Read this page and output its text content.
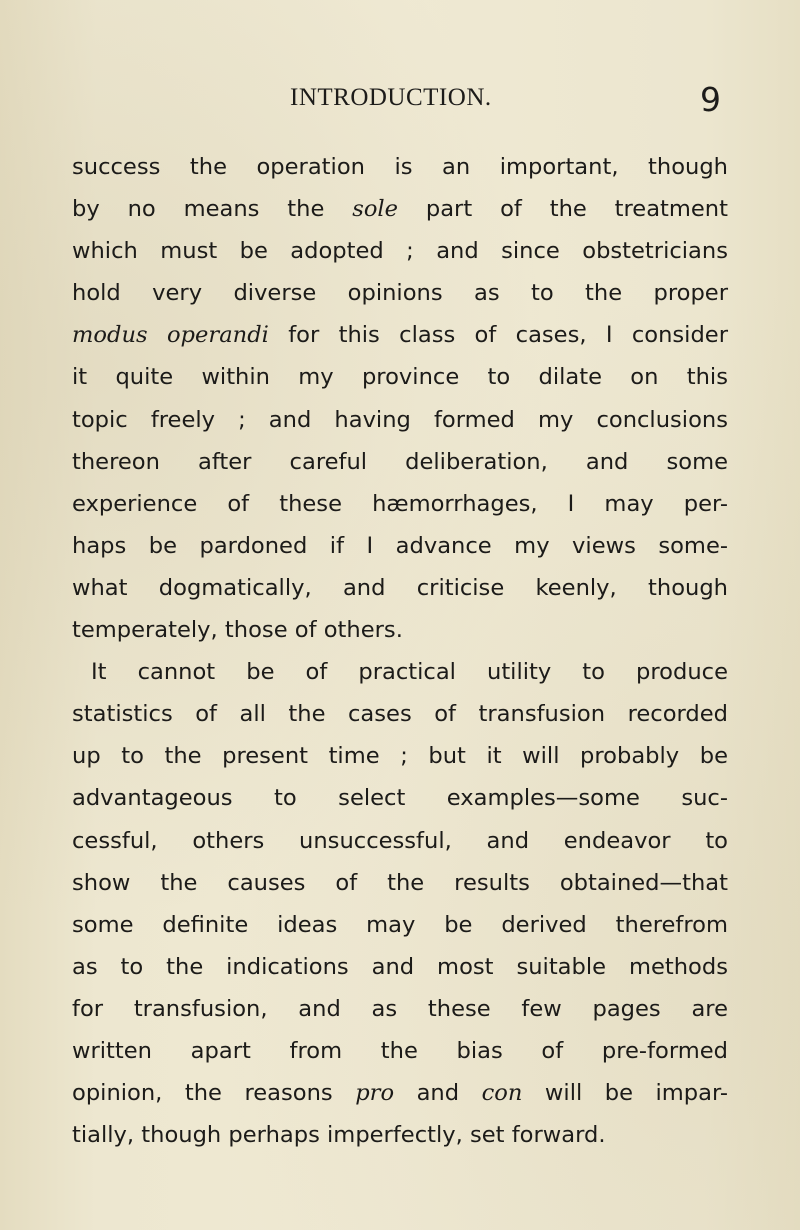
INTRODUCTION.	9
success the operation is an important, though
by no means the sole part of the treatment
which must be adopted ; and since obstetricians
hold very diverse opinions as to the proper
modus operandi for this class of cases, I consider
it quite within my province to dilate on this
topic freely ; and having formed my conclusions
thereon after careful deliberation, and some
experience of these hæmorrhages, I may per-
haps be pardoned if I advance my views some-
what dogmatically, and criticise keenly, though
temperately, those of others.
It cannot be of practical utility to produce
statistics of all the cases of transfusion recorded
up to the present time ; but it will probably be
advantageous to select examples—some suc-
cessful, others unsuccessful, and endeavor to
show the causes of the results obtained—that
some definite ideas may be derived therefrom
as to the indications and most suitable methods
for transfusion, and as these few pages are
written apart from the bias of pre-formed
opinion, the reasons pro and con will be impar-
tially, though perhaps imperfectly, set forward.
